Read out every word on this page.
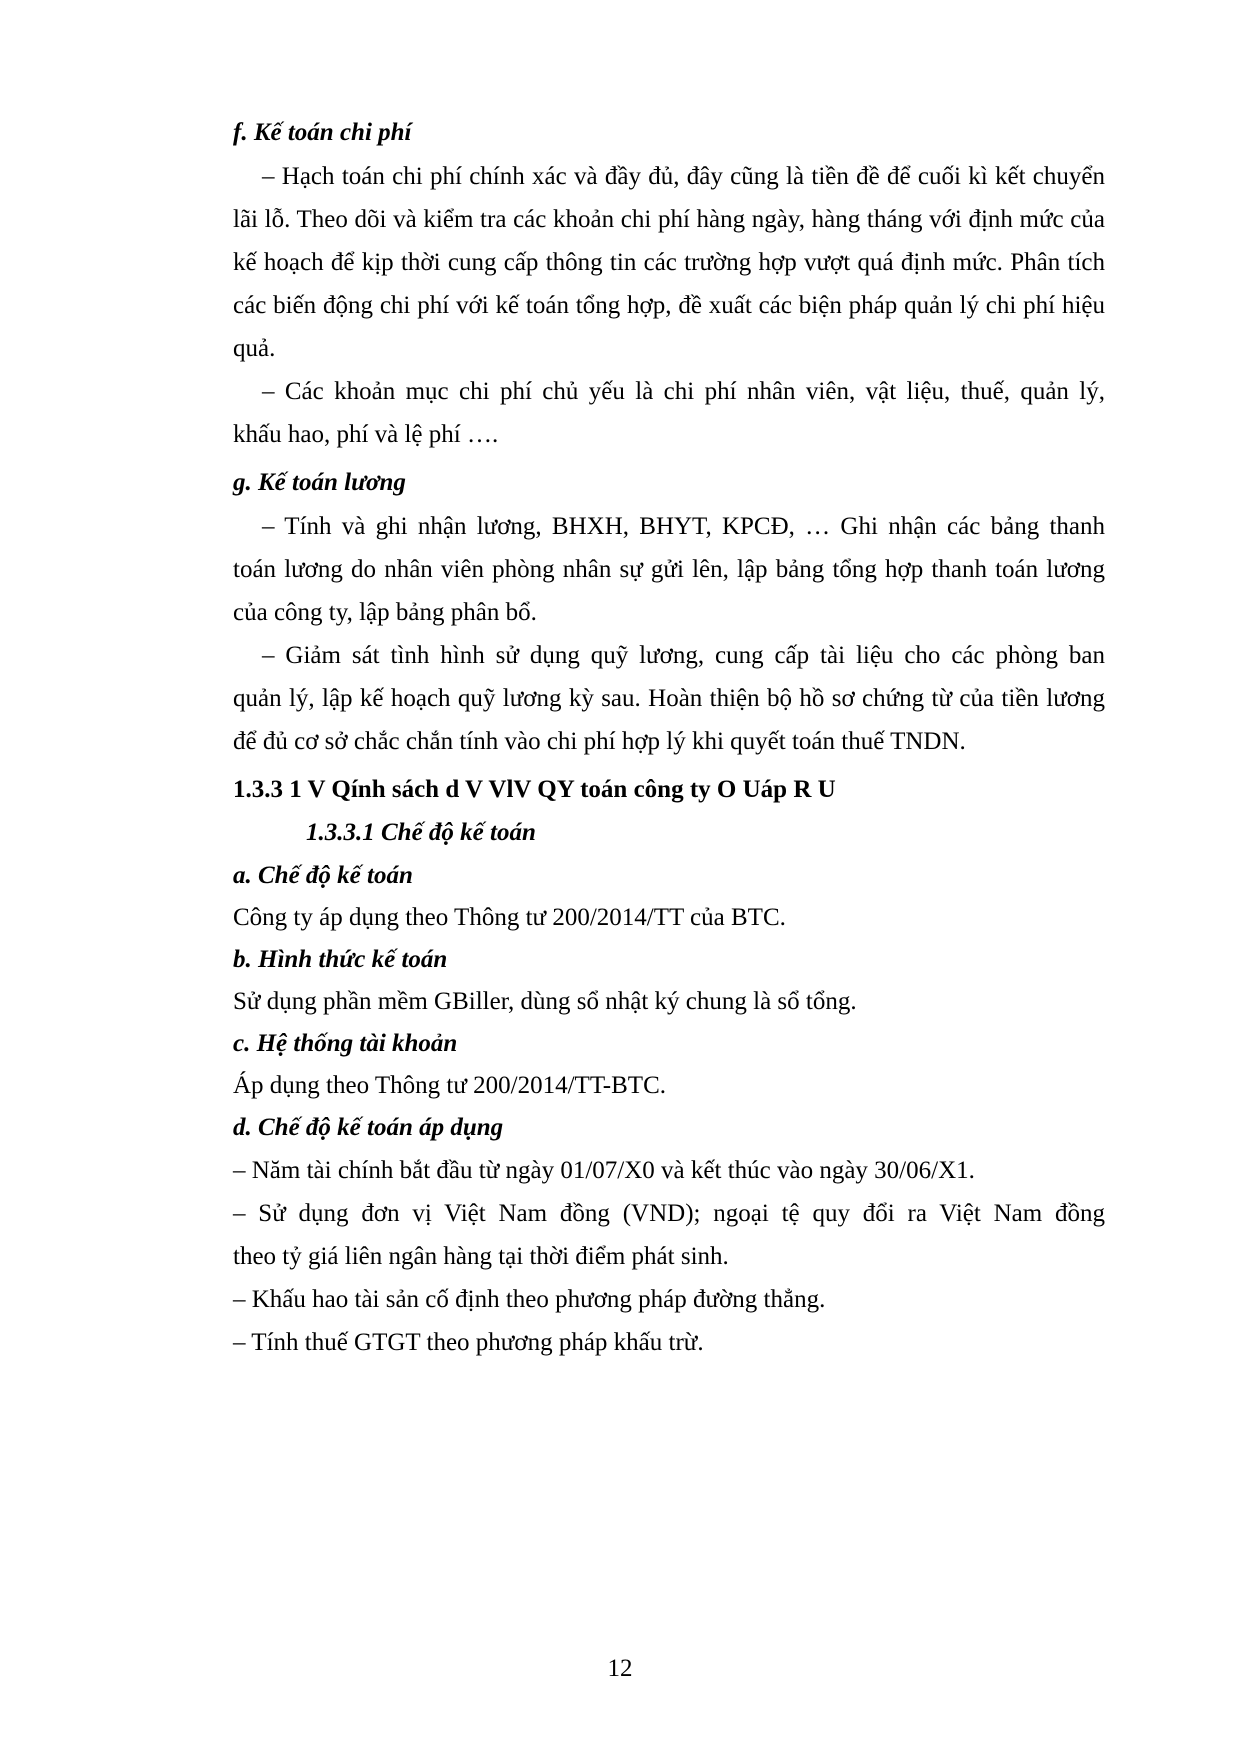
f. Kế toán chi phí
– Hạch toán chi phí chính xác và đầy đủ, đây cũng là tiền đề để cuối kì kết chuyển
lãi lỗ. Theo dõi và kiểm tra các khoản chi phí hàng ngày, hàng tháng với định mức của
kế hoạch để kịp thời cung cấp thông tin các trường hợp vượt quá định mức. Phân tích
các biến động chi phí với kế toán tổng hợp, đề xuất các biện pháp quản lý chi phí hiệu
quả.
– Các khoản mục chi phí chủ yếu là chi phí nhân viên, vật liệu, thuế, quản lý,
khấu hao, phí và lệ phí ….
g. Kế toán lương
– Tính và ghi nhận lương, BHXH, BHYT, KPCĐ, … Ghi nhận các bảng thanh
toán lương do nhân viên phòng nhân sự gửi lên, lập bảng tổng hợp thanh toán lương
của công ty, lập bảng phân bổ.
– Giảm sát tình hình sử dụng quỹ lương, cung cấp tài liệu cho các phòng ban
quản lý, lập kế hoạch quỹ lương kỳ sau. Hoàn thiện bộ hồ sơ chứng từ của tiền lương
để đủ cơ sở chắc chắn tính vào chi phí hợp lý khi quyết toán thuế TNDN.
1.3.3 1 V Qính sách d V VlV QY toán công ty O Uáp R U
1.3.3.1 Chế độ kế toán
a. Chế độ kế toán
Công ty áp dụng theo Thông tư 200/2014/TT của BTC.
b. Hình thức kế toán
Sử dụng phần mềm GBiller, dùng sổ nhật ký chung là sổ tổng.
c. Hệ thống tài khoản
Áp dụng theo Thông tư 200/2014/TT-BTC.
d. Chế độ kế toán áp dụng
– Năm tài chính bắt đầu từ ngày 01/07/X0 và kết thúc vào ngày 30/06/X1.
– Sử dụng đơn vị Việt Nam đồng (VND); ngoại tệ quy đổi ra Việt Nam đồng
theo tỷ giá liên ngân hàng tại thời điểm phát sinh.
– Khấu hao tài sản cố định theo phương pháp đường thẳng.
– Tính thuế GTGT theo phương pháp khấu trừ.
12
